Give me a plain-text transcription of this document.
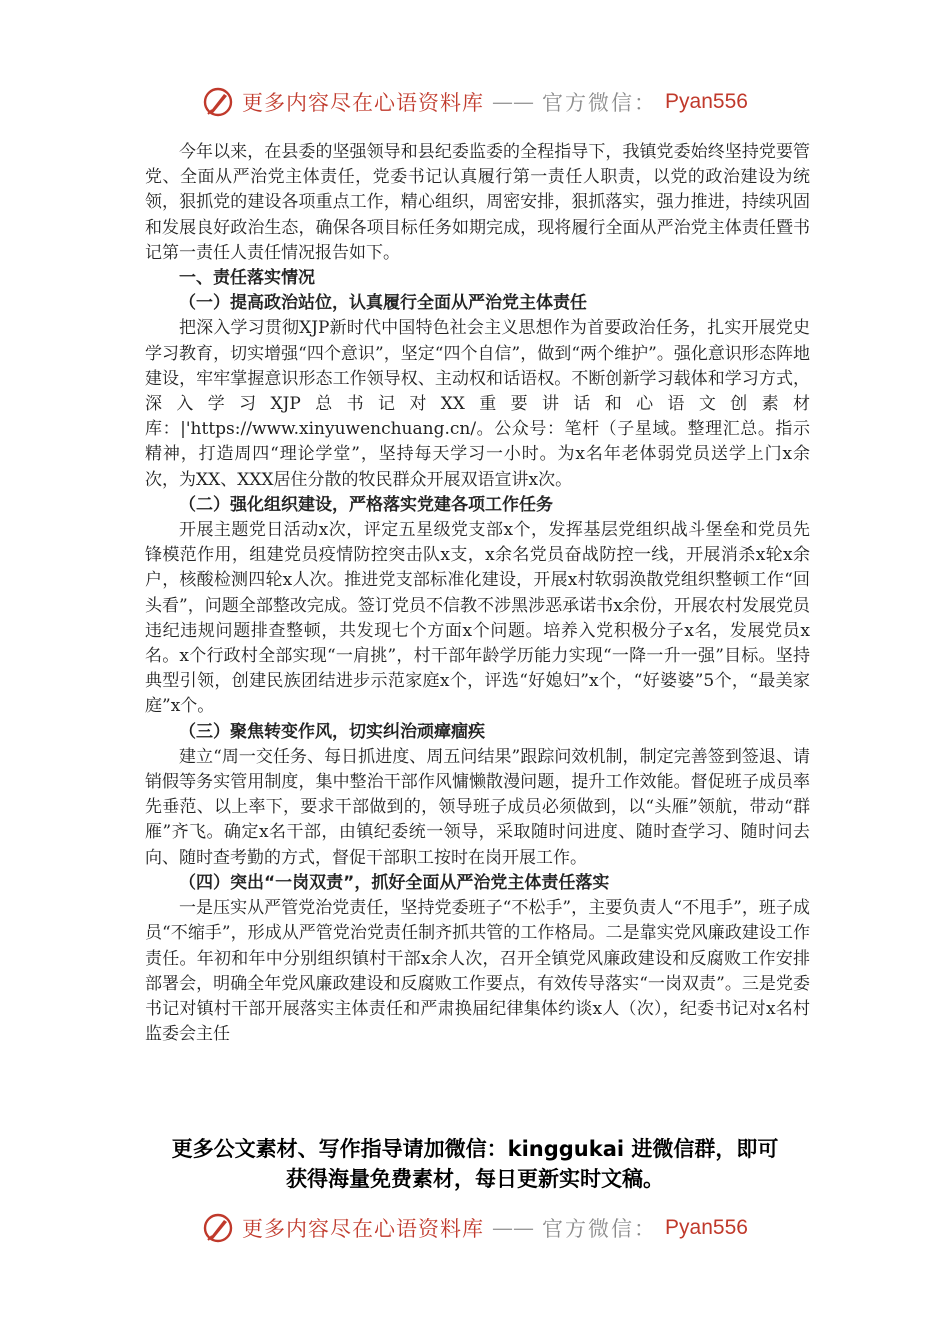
更多内容尽在心语资料库 —— 官方微信： Pyan556

今年以来，在县委的坚强领导和县纪委监委的全程指导下，我镇党委始终坚持党要管党、全面从严治党主体责任，党委书记认真履行第一责任人职责，以党的政治建设为统领，狠抓党的建设各项重点工作，精心组织，周密安排，狠抓落实，强力推进，持续巩固和发展良好政治生态，确保各项目标任务如期完成，现将履行全面从严治党主体责任暨书记第一责任人责任情况报告如下。

一、责任落实情况
（一）提高政治站位，认真履行全面从严治党主体责任

把深入学习贯彻XJP新时代中国特色社会主义思想作为首要政治任务，扎实开展党史学习教育，切实增强“四个意识”，坚定“四个自信”，做到“两个维护”。强化意识形态阵地建设，牢牢掌握意识形态工作领导权、主动权和话语权。不断创新学习载体和学习方式，深入学习XJP总书记对XX重要讲话和心语文创素材库：|'https://www.xinyuwenchuang.cn/。公众号：笔杆（子星域。整理汇总。指示精神，打造周四“理论学堂”，坚持每天学习一小时。为x名年老体弱党员送学上门x余次，为XX、XXX居住分散的牧民群众开展双语宣讲x次。

（二）强化组织建设，严格落实党建各项工作任务

开展主题党日活动x次，评定五星级党支部x个，发挥基层党组织战斗堡垒和党员先锋模范作用，组建党员疫情防控突击队x支，x余名党员奋战防控一线，开展消杀x轮x余户，核酸检测四轮x人次。推进党支部标准化建设，开展x村软弱涣散党组织整顿工作“回头看”，问题全部整改完成。签订党员不信教不涉黑涉恶承诺书x余份，开展农村发展党员违纪违规问题排查整顿，共发现七个方面x个问题。培养入党积极分子x名，发展党员x名。x个行政村全部实现“一肩挑”，村干部年龄学历能力实现“一降一升一强”目标。坚持典型引领，创建民族团结进步示范家庭x个，评选“好媳妇”x个，“好婆婆”5个，“最美家庭”x个。

（三）聚焦转变作风，切实纠治顽瘴痼疾

建立“周一交任务、每日抓进度、周五问结果”跟踪问效机制，制定完善签到签退、请销假等务实管用制度，集中整治干部作风慵懒散漫问题，提升工作效能。督促班子成员率先垂范、以上率下，要求干部做到的，领导班子成员必须做到，以“头雁”领航，带动“群雁”齐飞。确定x名干部，由镇纪委统一领导，采取随时问进度、随时查学习、随时问去向、随时查考勤的方式，督促干部职工按时在岗开展工作。

（四）突出“一岗双责”，抓好全面从严治党主体责任落实

一是压实从严管党治党责任，坚持党委班子“不松手”，主要负责人“不甩手”，班子成员“不缩手”，形成从严管党治党责任制齐抓共管的工作格局。二是靠实党风廉政建设工作责任。年初和年中分别组织镇村干部x余人次，召开全镇党风廉政建设和反腐败工作安排部署会，明确全年党风廉政建设和反腐败工作要点，有效传导落实“一岗双责”。三是党委书记对镇村干部开展落实主体责任和严肃换届纪律集体约谈x人（次），纪委书记对x名村监委会主任

更多公文素材、写作指导请加微信：kinggukai 进微信群，即可
获得海量免费素材，每日更新实时文稿。
更多内容尽在心语资料库 —— 官方微信： Pyan556
